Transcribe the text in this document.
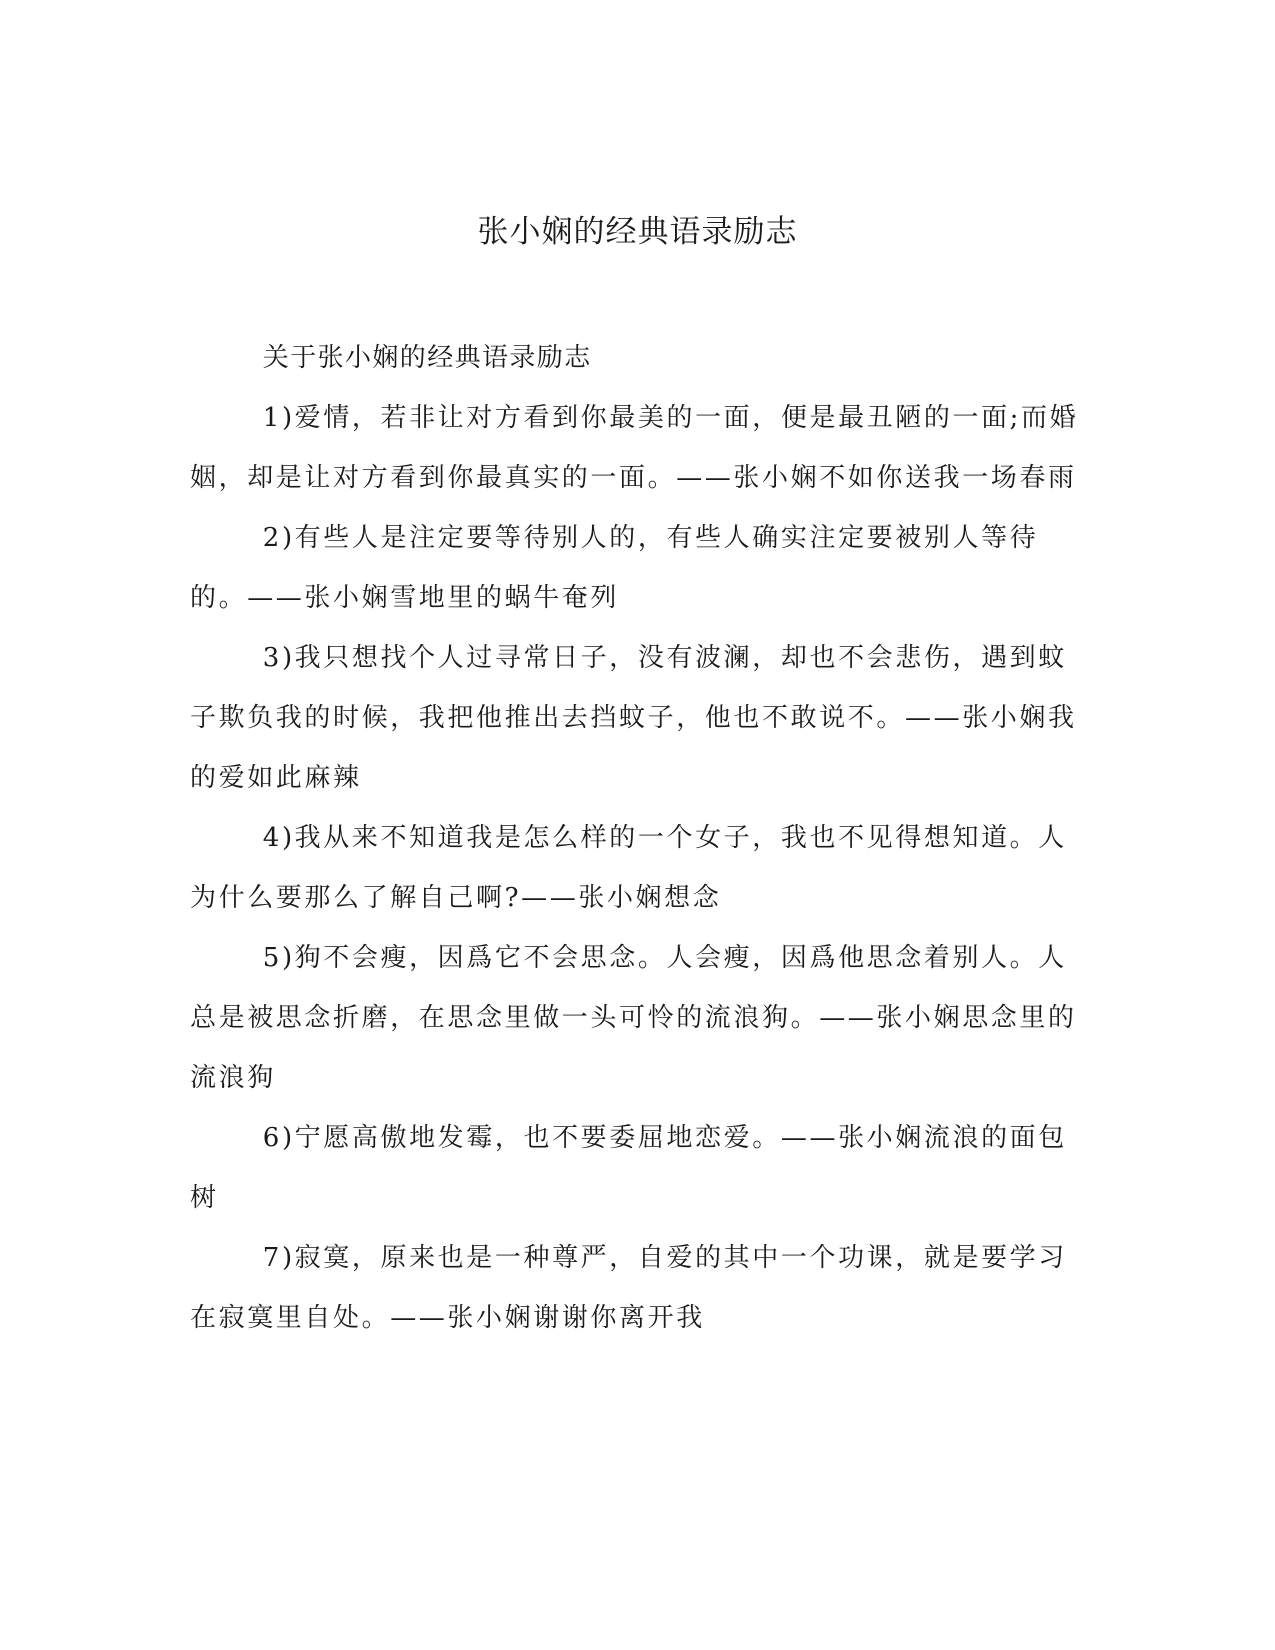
张小娴的经典语录励志

关于张小娴的经典语录励志

1)爱情，若非让对方看到你最美的一面，便是最丑陋的一面;而婚姻，却是让对方看到你最真实的一面。——张小娴不如你送我一场春雨

2)有些人是注定要等待别人的，有些人确实注定要被别人等待的。——张小娴雪地里的蜗牛奄列

3)我只想找个人过寻常日子，没有波澜，却也不会悲伤，遇到蚊子欺负我的时候，我把他推出去挡蚊子，他也不敢说不。——张小娴我的爱如此麻辣

4)我从来不知道我是怎么样的一个女子，我也不见得想知道。人为什么要那么了解自己啊?——张小娴想念

5)狗不会瘦，因爲它不会思念。人会瘦，因爲他思念着别人。人总是被思念折磨，在思念里做一头可怜的流浪狗。——张小娴思念里的流浪狗

6)宁愿高傲地发霉，也不要委屈地恋爱。——张小娴流浪的面包树

7)寂寞，原来也是一种尊严，自爱的其中一个功课，就是要学习在寂寞里自处。——张小娴谢谢你离开我
